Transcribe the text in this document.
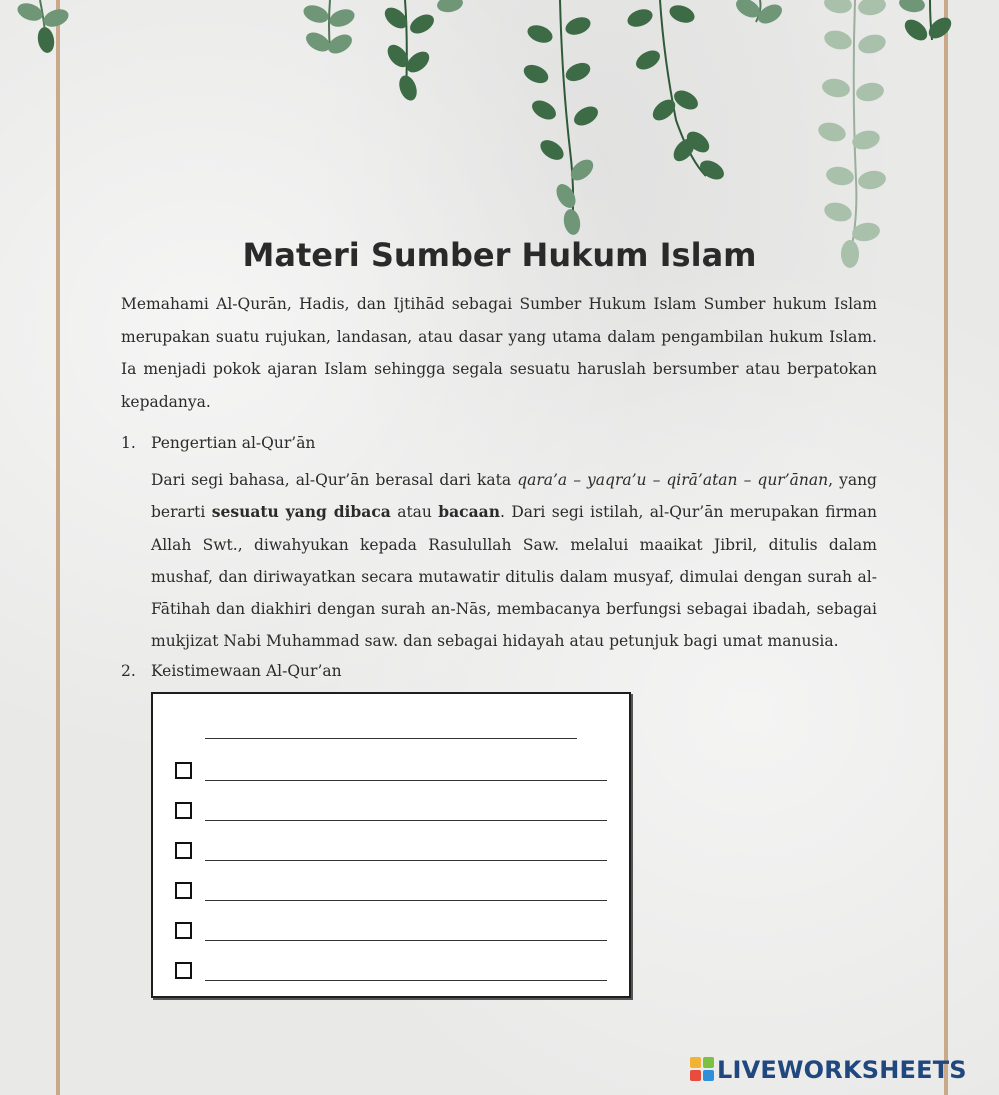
Materi Sumber Hukum Islam

Memahami Al-Qurān, Hadis, dan Ijtihād sebagai Sumber Hukum Islam Sumber hukum Islam merupakan suatu rujukan, landasan, atau dasar yang utama dalam pengambilan hukum Islam. Ia menjadi pokok ajaran Islam sehingga segala sesuatu haruslah bersumber atau berpatokan kepadanya.

1. Pengertian al-Qur’ān

Dari segi bahasa, al-Qur’ān berasal dari kata qara’a – yaqra’u – qirā’atan – qur’ānan, yang berarti sesuatu yang dibaca atau bacaan. Dari segi istilah, al-Qur’ān merupakan firman Allah Swt., diwahyukan kepada Rasulullah Saw. melalui maaikat Jibril, ditulis dalam mushaf, dan diriwayatkan secara mutawatir ditulis dalam musyaf, dimulai dengan surah al-Fātihah dan diakhiri dengan surah an-Nās, membacanya berfungsi sebagai ibadah, sebagai mukjizat Nabi Muhammad saw. dan sebagai hidayah atau petunjuk bagi umat manusia.

2. Keistimewaan Al-Qur’an
LIVEWORKSHEETS
